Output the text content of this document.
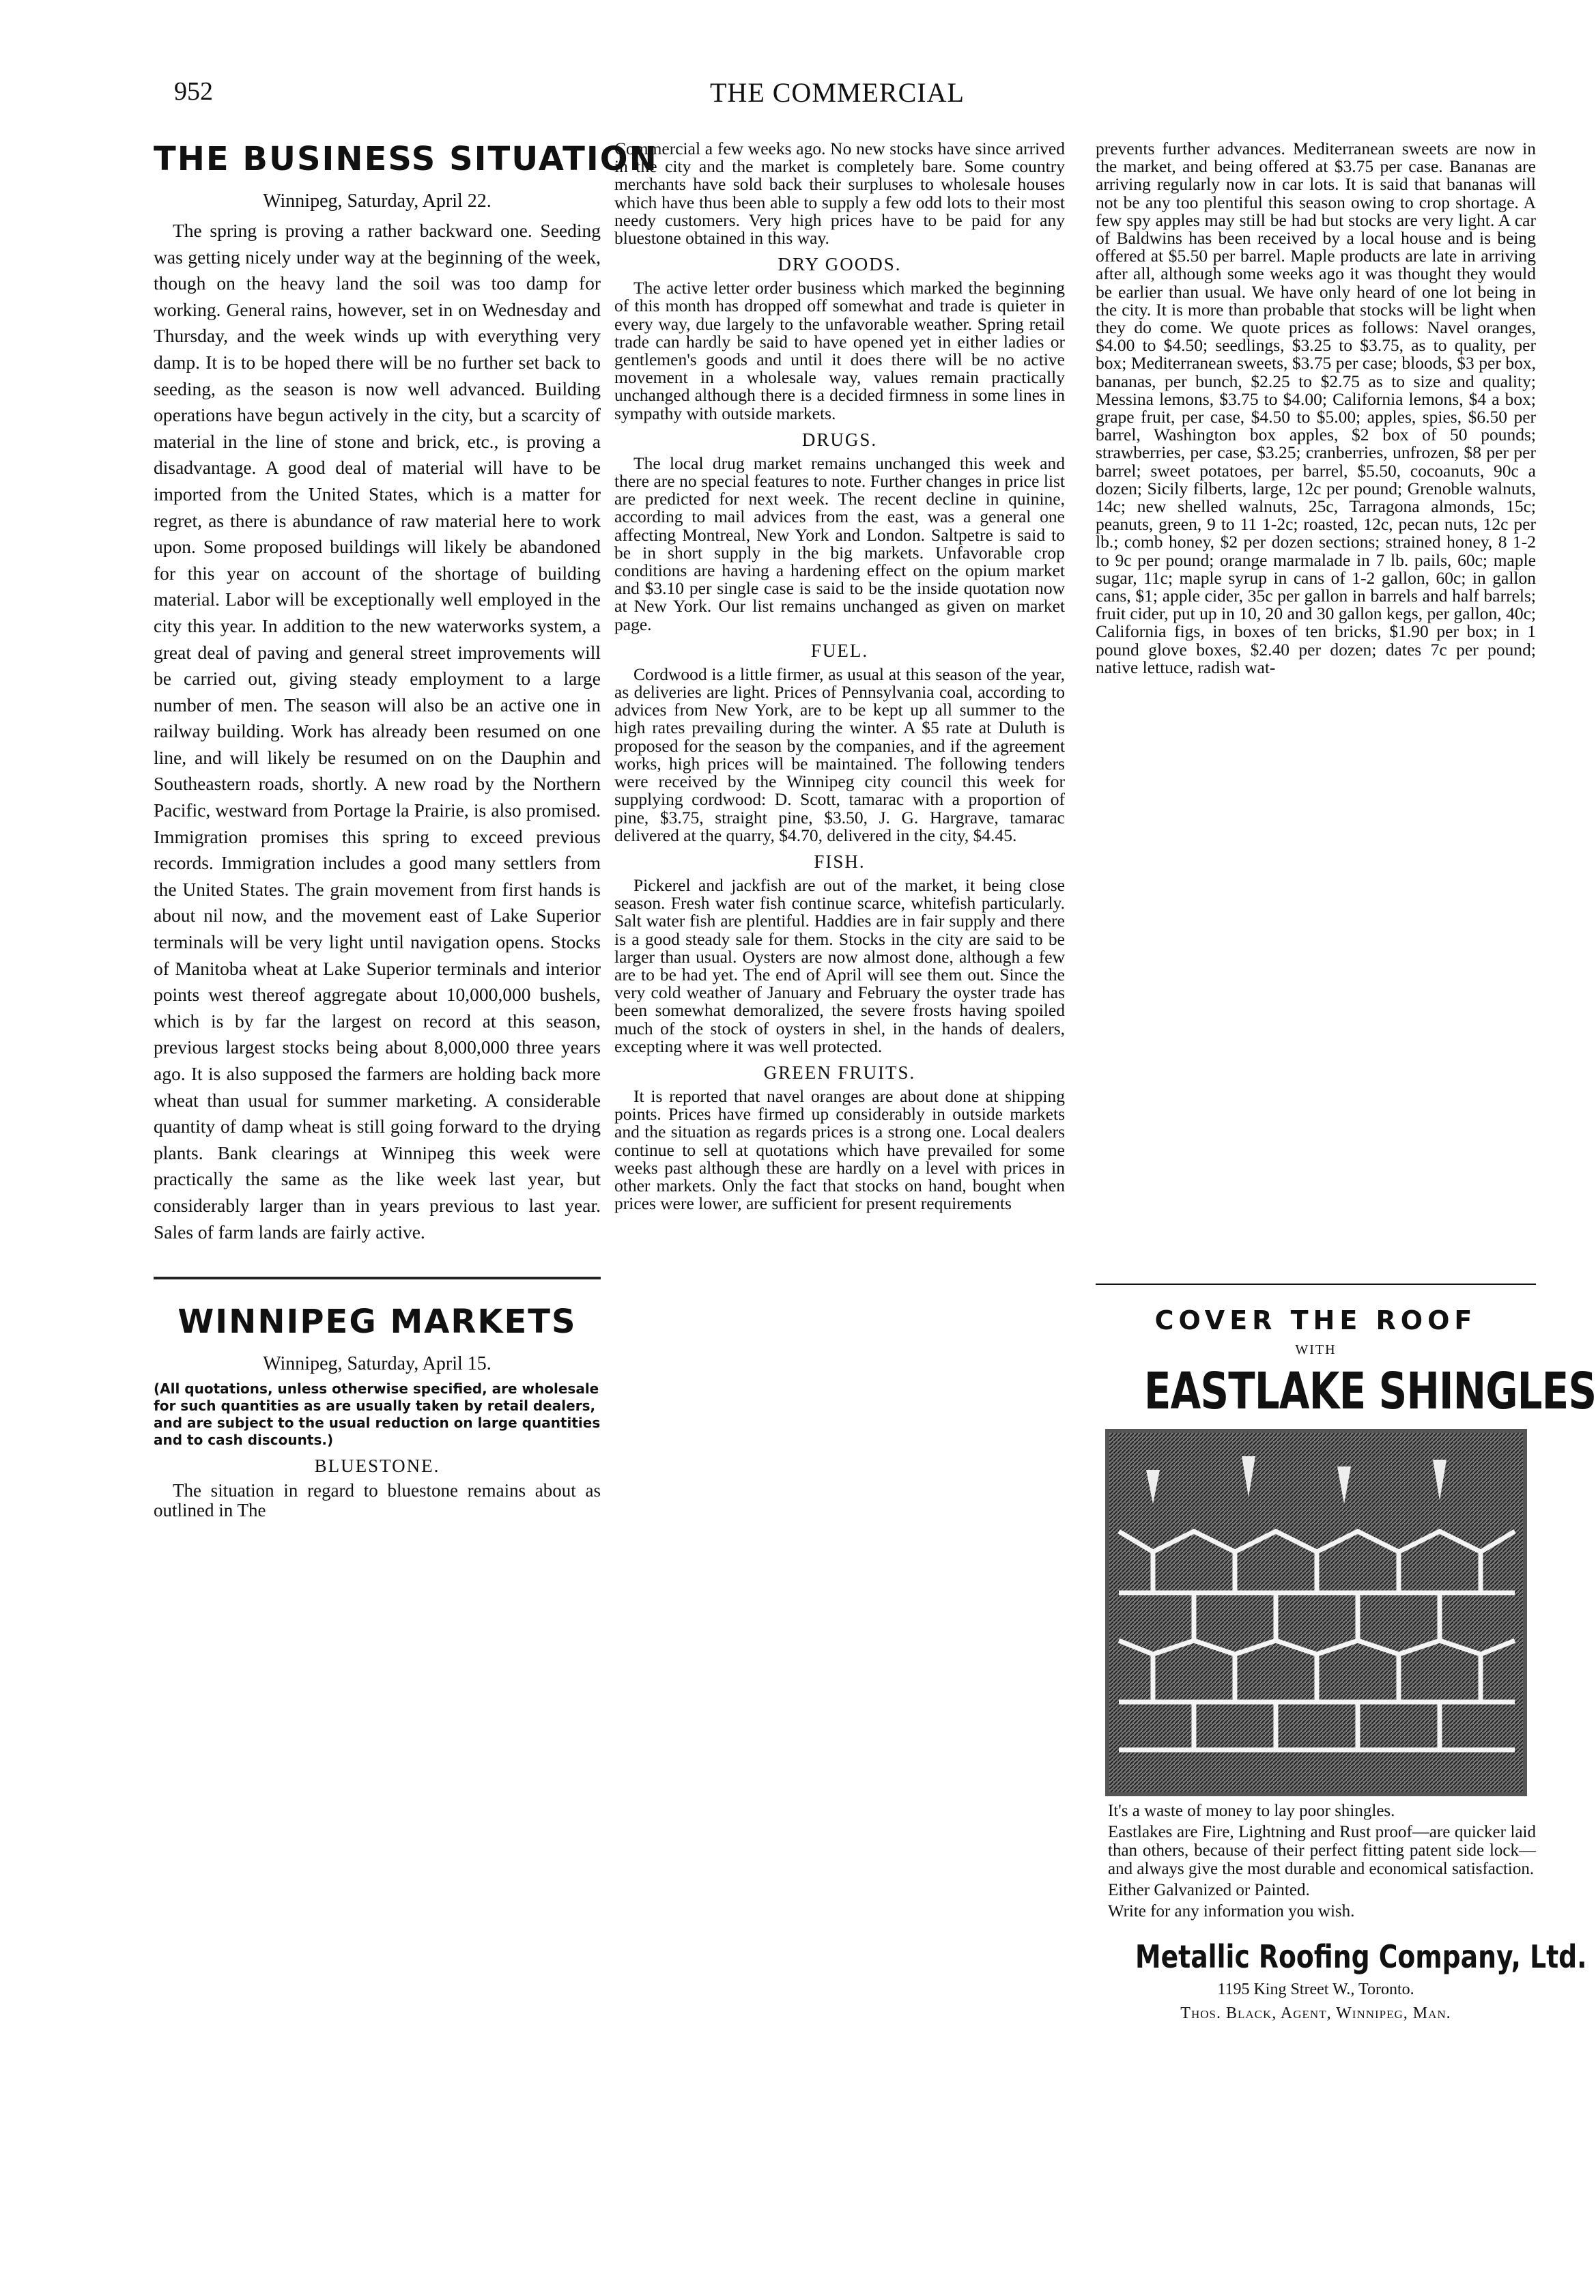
952	THE COMMERCIAL
THE BUSINESS SITUATION
Winnipeg, Saturday, April 22.

The spring is proving a rather backward one. Seeding was getting nicely under way at the beginning of the week, though on the heavy land the soil was too damp for working. General rains, however, set in on Wednesday and Thursday, and the week winds up with everything very damp. It is to be hoped there will be no further set back to seeding, as the season is now well advanced. Building operations have begun actively in the city, but a scarcity of material in the line of stone and brick, etc., is proving a disadvantage. A good deal of material will have to be imported from the United States, which is a matter for regret, as there is abundance of raw material here to work upon. Some proposed buildings will likely be abandoned for this year on account of the shortage of building material. Labor will be exceptionally well employed in the city this year. In addition to the new waterworks system, a great deal of paving and general street improvements will be carried out, giving steady employment to a large number of men. The season will also be an active one in railway building. Work has already been resumed on one line, and will likely be resumed on on the Dauphin and Southeastern roads, shortly. A new road by the Northern Pacific, westward from Portage la Prairie, is also promised. Immigration promises this spring to exceed previous records. Immigration includes a good many settlers from the United States. The grain movement from first hands is about nil now, and the movement east of Lake Superior terminals will be very light until navigation opens. Stocks of Manitoba wheat at Lake Superior terminals and interior points west thereof aggregate about 10,000,000 bushels, which is by far the largest on record at this season, previous largest stocks being about 8,000,000 three years ago. It is also supposed the farmers are holding back more wheat than usual for summer marketing. A considerable quantity of damp wheat is still going forward to the drying plants. Bank clearings at Winnipeg this week were practically the same as the like week last year, but considerably larger than in years previous to last year. Sales of farm lands are fairly active.

WINNIPEG MARKETS
Winnipeg, Saturday, April 15.
(All quotations, unless otherwise specified, are wholesale for such quantities as are usually taken by retail dealers, and are subject to the usual reduction on large quantities and to cash discounts.)
BLUESTONE.

The situation in regard to bluestone remains about as outlined in The

Commercial a few weeks ago. No new stocks have since arrived in the city and the market is completely bare. Some country merchants have sold back their surpluses to wholesale houses which have thus been able to supply a few odd lots to their most needy customers. Very high prices have to be paid for any bluestone obtained in this way.

DRY GOODS.

The active letter order business which marked the beginning of this month has dropped off somewhat and trade is quieter in every way, due largely to the unfavorable weather. Spring retail trade can hardly be said to have opened yet in either ladies or gentlemen's goods and until it does there will be no active movement in a wholesale way, values remain practically unchanged although there is a decided firmness in some lines in sympathy with outside markets.

DRUGS.

The local drug market remains unchanged this week and there are no special features to note. Further changes in price list are predicted for next week. The recent decline in quinine, according to mail advices from the east, was a general one affecting Montreal, New York and London. Saltpetre is said to be in short supply in the big markets. Unfavorable crop conditions are having a hardening effect on the opium market and $3.10 per single case is said to be the inside quotation now at New York. Our list remains unchanged as given on market page.

FUEL.

Cordwood is a little firmer, as usual at this season of the year, as deliveries are light. Prices of Pennsylvania coal, according to advices from New York, are to be kept up all summer to the high rates prevailing during the winter. A $5 rate at Duluth is proposed for the season by the companies, and if the agreement works, high prices will be maintained. The following tenders were received by the Winnipeg city council this week for supplying cordwood: D. Scott, tamarac with a proportion of pine, $3.75, straight pine, $3.50, J. G. Hargrave, tamarac delivered at the quarry, $4.70, delivered in the city, $4.45.

FISH.

Pickerel and jackfish are out of the market, it being close season. Fresh water fish continue scarce, whitefish particularly. Salt water fish are plentiful. Haddies are in fair supply and there is a good steady sale for them. Stocks in the city are said to be larger than usual. Oysters are now almost done, although a few are to be had yet. The end of April will see them out. Since the very cold weather of January and February the oyster trade has been somewhat demoralized, the severe frosts having spoiled much of the stock of oysters in shel, in the hands of dealers, excepting where it was well protected.

GREEN FRUITS.

It is reported that navel oranges are about done at shipping points. Prices have firmed up considerably in outside markets and the situation as regards prices is a strong one. Local dealers continue to sell at quotations which have prevailed for some weeks past although these are hardly on a level with prices in other markets. Only the fact that stocks on hand, bought when prices were lower, are sufficient for present requirements

prevents further advances. Mediterranean sweets are now in the market, and being offered at $3.75 per case. Bananas are arriving regularly now in car lots. It is said that bananas will not be any too plentiful this season owing to crop shortage. A few spy apples may still be had but stocks are very light. A car of Baldwins has been received by a local house and is being offered at $5.50 per barrel. Maple products are late in arriving after all, although some weeks ago it was thought they would be earlier than usual. We have only heard of one lot being in the city. It is more than probable that stocks will be light when they do come. We quote prices as follows: Navel oranges, $4.00 to $4.50; seedlings, $3.25 to $3.75, as to quality, per box; Mediterranean sweets, $3.75 per case; bloods, $3 per box, bananas, per bunch, $2.25 to $2.75 as to size and quality; Messina lemons, $3.75 to $4.00; California lemons, $4 a box; grape fruit, per case, $4.50 to $5.00; apples, spies, $6.50 per barrel, Washington box apples, $2 box of 50 pounds; strawberries, per case, $3.25; cranberries, unfrozen, $8 per per barrel; sweet potatoes, per barrel, $5.50, cocoanuts, 90c a dozen; Sicily filberts, large, 12c per pound; Grenoble walnuts, 14c; new shelled walnuts, 25c, Tarragona almonds, 15c; peanuts, green, 9 to 11 1-2c; roasted, 12c, pecan nuts, 12c per lb.; comb honey, $2 per dozen sections; strained honey, 8 1-2 to 9c per pound; orange marmalade in 7 lb. pails, 60c; maple sugar, 11c; maple syrup in cans of 1-2 gallon, 60c; in gallon cans, $1; apple cider, 35c per gallon in barrels and half barrels; fruit cider, put up in 10, 20 and 30 gallon kegs, per gallon, 40c; California figs, in boxes of ten bricks, $1.90 per box; in 1 pound glove boxes, $2.40 per dozen; dates 7c per pound; native lettuce, radish wat-

COVER THE ROOF
WITH
EASTLAKE SHINGLES

It's a waste of money to lay poor shingles.

Eastlakes are Fire, Lightning and Rust proof—are quicker laid than others, because of their perfect fitting patent side lock—and always give the most durable and economical satisfaction.

Either Galvanized or Painted.

Write for any information you wish.

Metallic Roofing Company, Ltd.
1195 King Street W., Toronto.
Thos. Black, Agent, Winnipeg, Man.
